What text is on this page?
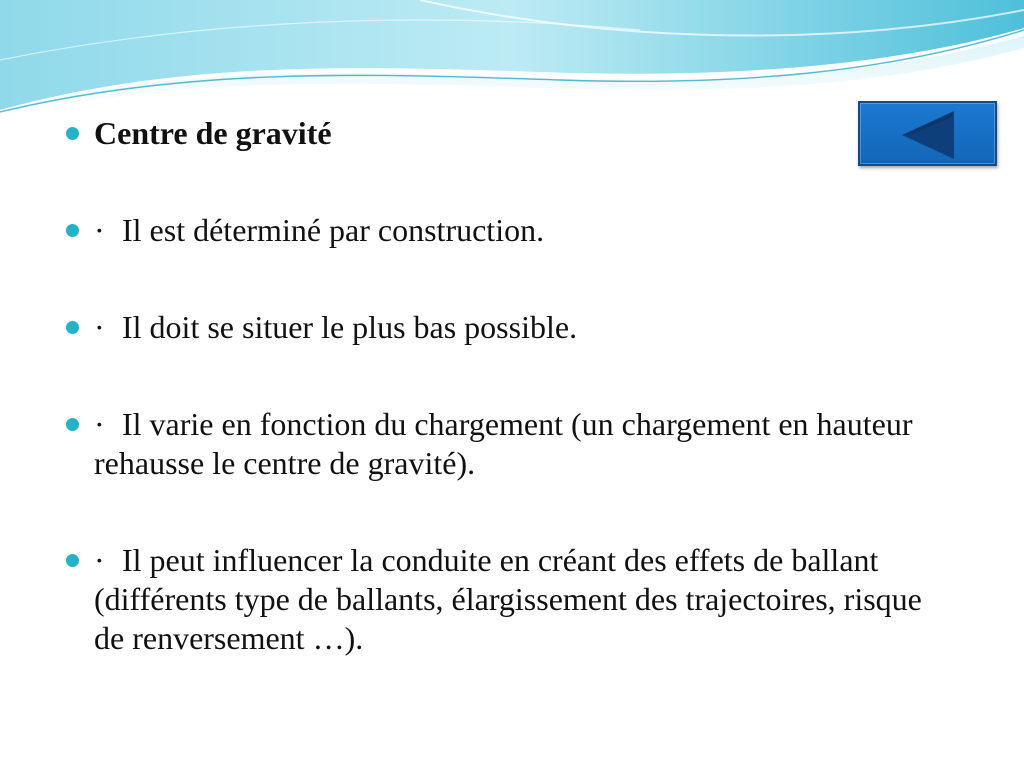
Centre de gravité
· Il est déterminé par construction.
· Il doit se situer le plus bas possible.
· Il varie en fonction du chargement (un chargement en hauteur rehausse le centre de gravité).
· Il peut influencer la conduite en créant des effets de ballant (différents type de ballants, élargissement des trajectoires, risque de renversement …).
